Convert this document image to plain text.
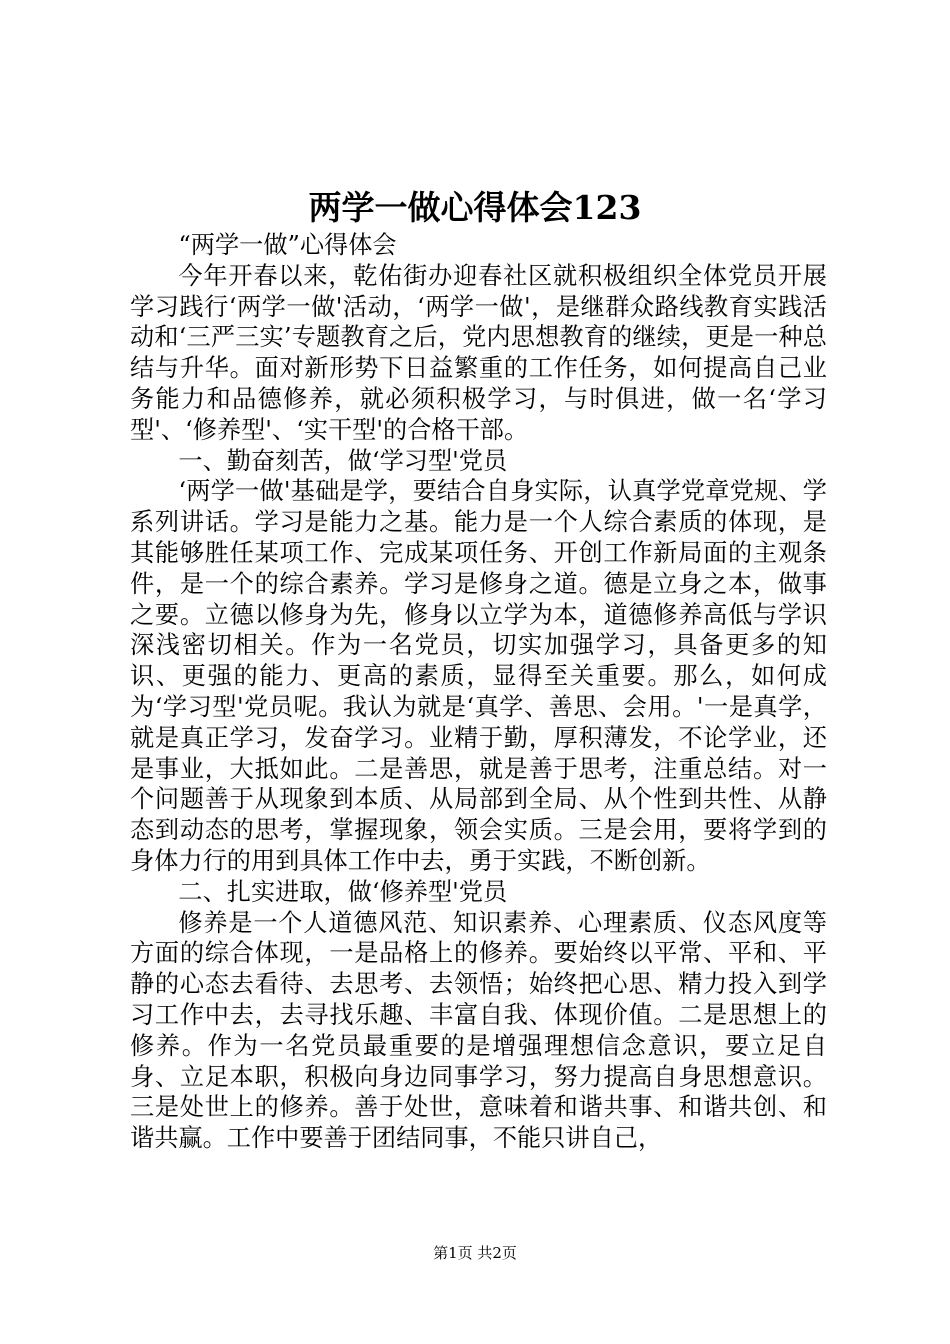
两学一做心得体会123

“两学一做”心得体会

今年开春以来，乾佑街办迎春社区就积极组织全体党员开展学习践行‘两学一做'活动，‘两学一做'，是继群众路线教育实践活动和‘三严三实’专题教育之后，党内思想教育的继续，更是一种总结与升华。面对新形势下日益繁重的工作任务，如何提高自己业务能力和品德修养，就必须积极学习，与时俱进，做一名‘学习型'、‘修养型'、‘实干型'的合格干部。

一、勤奋刻苦，做‘学习型'党员

‘两学一做'基础是学，要结合自身实际，认真学党章党规、学系列讲话。学习是能力之基。能力是一个人综合素质的体现，是其能够胜任某项工作、完成某项任务、开创工作新局面的主观条件，是一个的综合素养。学习是修身之道。德是立身之本，做事之要。立德以修身为先，修身以立学为本，道德修养高低与学识深浅密切相关。作为一名党员，切实加强学习，具备更多的知识、更强的能力、更高的素质，显得至关重要。那么，如何成为‘学习型'党员呢。我认为就是‘真学、善思、会用。'一是真学，就是真正学习，发奋学习。业精于勤，厚积薄发，不论学业，还是事业，大抵如此。二是善思，就是善于思考，注重总结。对一个问题善于从现象到本质、从局部到全局、从个性到共性、从静态到动态的思考，掌握现象，领会实质。三是会用，要将学到的身体力行的用到具体工作中去，勇于实践，不断创新。

二、扎实进取，做‘修养型'党员

修养是一个人道德风范、知识素养、心理素质、仪态风度等方面的综合体现，一是品格上的修养。要始终以平常、平和、平静的心态去看待、去思考、去领悟；始终把心思、精力投入到学习工作中去，去寻找乐趣、丰富自我、体现价值。二是思想上的修养。作为一名党员最重要的是增强理想信念意识，要立足自身、立足本职，积极向身边同事学习，努力提高自身思想意识。三是处世上的修养。善于处世，意味着和谐共事、和谐共创、和谐共赢。工作中要善于团结同事，不能只讲自己，

第1页 共2页
